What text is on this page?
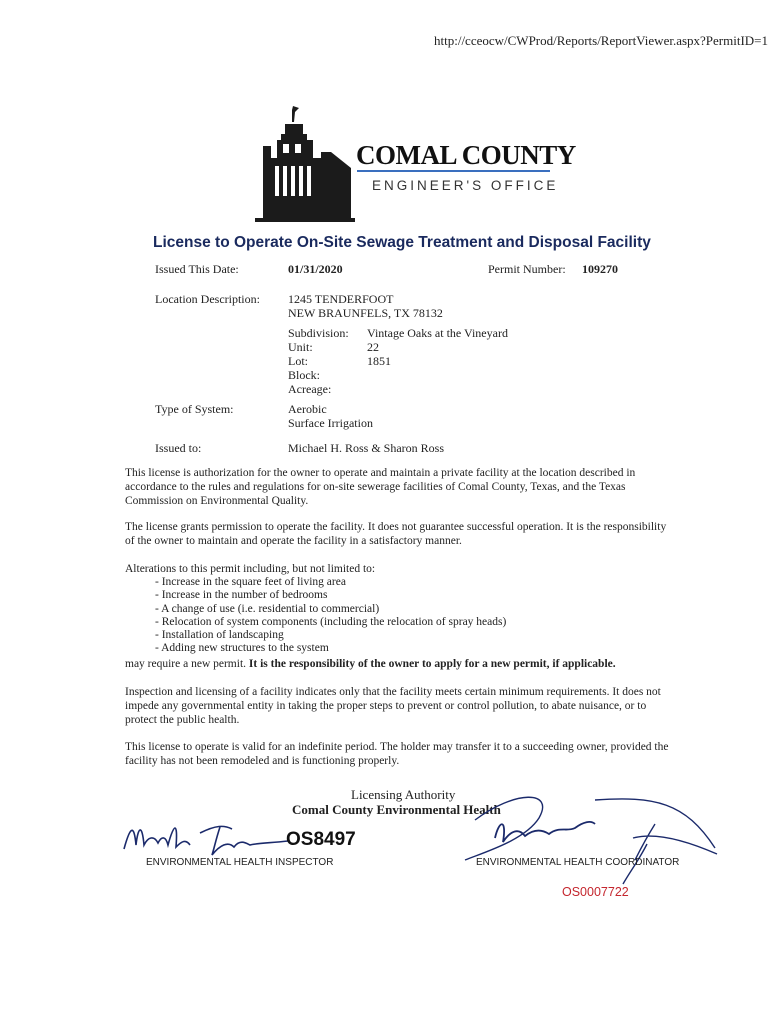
http://cceocw/CWProd/Reports/ReportViewer.aspx?PermitID=1
COMAL COUNTY
ENGINEER'S OFFICE
License to Operate On-Site Sewage Treatment and Disposal Facility
Issued This Date:	01/31/2020	Permit Number: 109270
Location Description: 1245 TENDERFOOT
NEW BRAUNFELS, TX 78132
Subdivision: Vintage Oaks at the Vineyard
Unit:	22
Lot:	1851
Block:
Acreage:
Type of System:	Aerobic
Surface Irrigation
Issued to:	Michael H. Ross & Sharon Ross
This license is authorization for the owner to operate and maintain a private facility at the location described in accordance to the rules and regulations for on-site sewerage facilities of Comal County, Texas, and the Texas Commission on Environmental Quality.
The license grants permission to operate the facility. It does not guarantee successful operation. It is the responsibility of the owner to maintain and operate the facility in a satisfactory manner.
Alterations to this permit including, but not limited to:
- Increase in the square feet of living area
- Increase in the number of bedrooms
- A change of use (i.e. residential to commercial)
- Relocation of system components (including the relocation of spray heads)
- Installation of landscaping
- Adding new structures to the system
may require a new permit. It is the responsibility of the owner to apply for a new permit, if applicable.
Inspection and licensing of a facility indicates only that the facility meets certain minimum requirements. It does not impede any governmental entity in taking the proper steps to prevent or control pollution, to abate nuisance, or to protect the public health.
This license to operate is valid for an indefinite period. The holder may transfer it to a succeeding owner, provided the facility has not been remodeled and is functioning properly.
Licensing Authority
Comal County Environmental Health
OS8497
ENVIRONMENTAL HEALTH INSPECTOR	ENVIRONMENTAL HEALTH COORDINATOR
OS0007722
